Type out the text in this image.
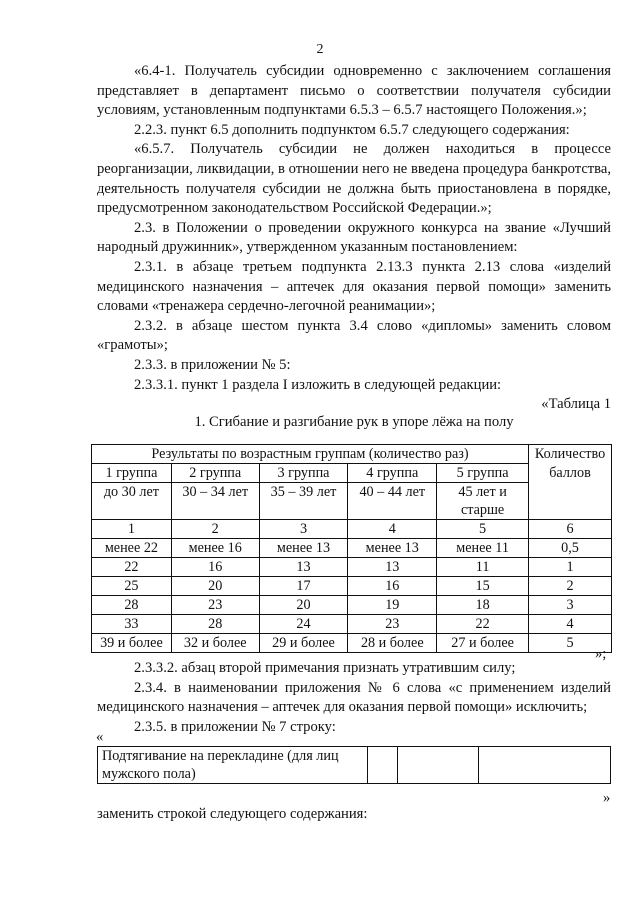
2

«6.4-1. Получатель субсидии одновременно с заключением соглашения представляет в департамент письмо о соответствии получателя субсидии условиям, установленным подпунктами 6.5.3 – 6.5.7 настоящего Положения.»;

2.2.3. пункт 6.5 дополнить подпунктом 6.5.7 следующего содержания:

«6.5.7. Получатель субсидии не должен находиться в процессе реорганизации, ликвидации, в отношении него не введена процедура банкротства, деятельность получателя субсидии не должна быть приостановлена в порядке, предусмотренном законодательством Российской Федерации.»;

2.3. в Положении о проведении окружного конкурса на звание «Лучший народный дружинник», утвержденном указанным постановлением:

2.3.1. в абзаце третьем подпункта 2.13.3 пункта 2.13 слова «изделий медицинского назначения – аптечек для оказания первой помощи» заменить словами «тренажера сердечно-легочной реанимации»;

2.3.2. в абзаце шестом пункта 3.4 слово «дипломы» заменить словом «грамоты»;

2.3.3. в приложении № 5:

2.3.3.1. пункт 1 раздела I изложить в следующей редакции:

«Таблица 1

1. Сгибание и разгибание рук в упоре лёжа на полу
Результаты по возрастным группам (количество раз)					Количество баллов
1 группа	2 группа	3 группа	4 группа	5 группа	
до 30 лет	30 – 34 лет	35 – 39 лет	40 – 44 лет	45 лет и старше	
1	2	3	4	5	6
менее 22	менее 16	менее 13	менее 13	менее 11	0,5
22	16	13	13	11	1
25	20	17	16	15	2
28	23	20	19	18	3
33	28	24	23	22	4
39 и более	32 и более	29 и более	28 и более	27 и более	5
»;

2.3.3.2. абзац второй примечания признать утратившим силу;

2.3.4. в наименовании приложения № 6 слова «с применением изделий медицинского назначения – аптечек для оказания первой помощи» исключить;

2.3.5. в приложении № 7 строку:

«
Подтягивание на перекладине (для лиц мужского пола)			
»
заменить строкой следующего содержания:
